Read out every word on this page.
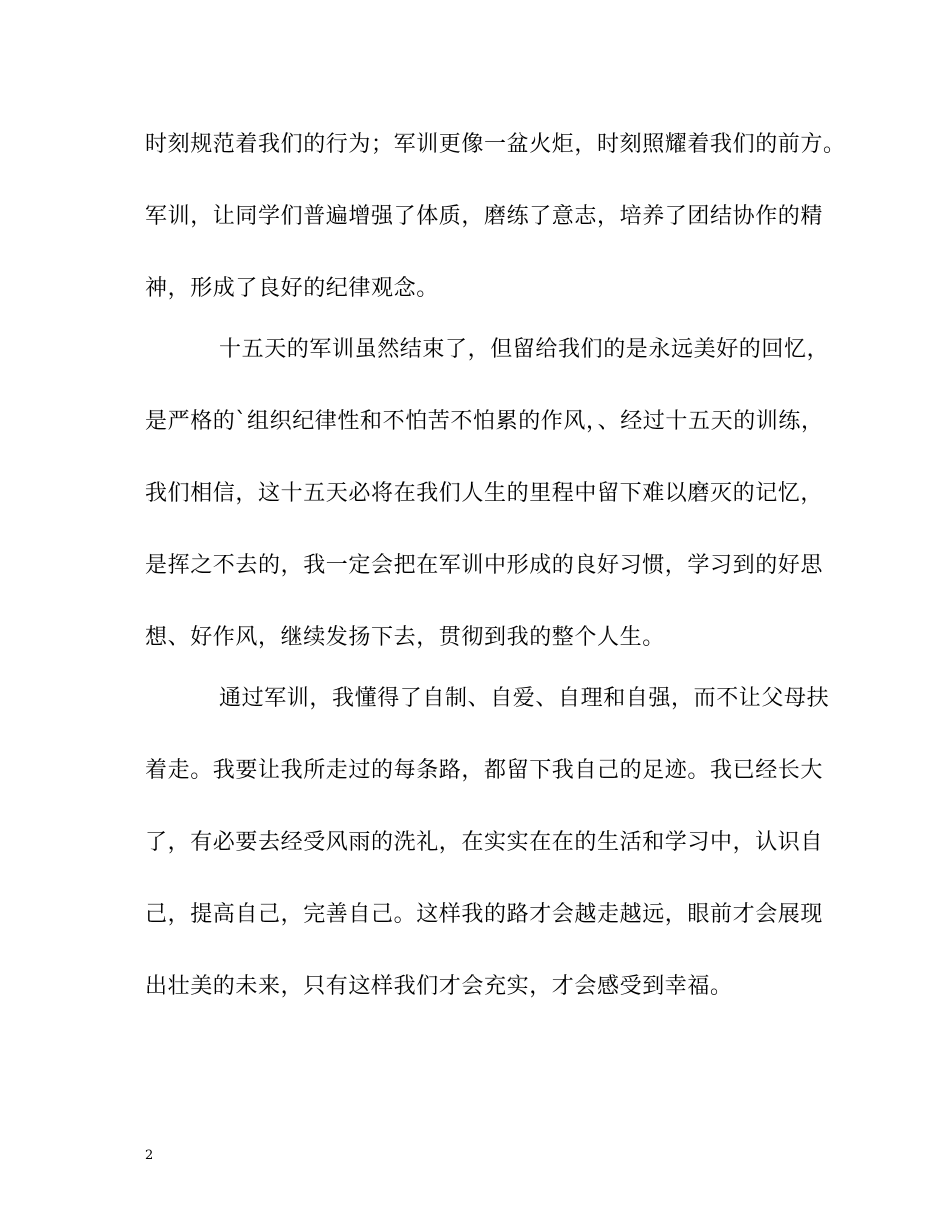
时刻规范着我们的行为；军训更像一盆火炬，时刻照耀着我们的前方。
军训，让同学们普遍增强了体质，磨练了意志，培养了团结协作的精
神，形成了良好的纪律观念。
十五天的军训虽然结束了，但留给我们的是永远美好的回忆，
是严格的`组织纪律性和不怕苦不怕累的作风，、经过十五天的训练，
我们相信，这十五天必将在我们人生的里程中留下难以磨灭的记忆，
是挥之不去的，我一定会把在军训中形成的良好习惯，学习到的好思
想、好作风，继续发扬下去，贯彻到我的整个人生。
通过军训，我懂得了自制、自爱、自理和自强，而不让父母扶
着走。我要让我所走过的每条路，都留下我自己的足迹。我已经长大
了，有必要去经受风雨的洗礼，在实实在在的生活和学习中，认识自
己，提高自己，完善自己。这样我的路才会越走越远，眼前才会展现
出壮美的未来，只有这样我们才会充实，才会感受到幸福。
2
